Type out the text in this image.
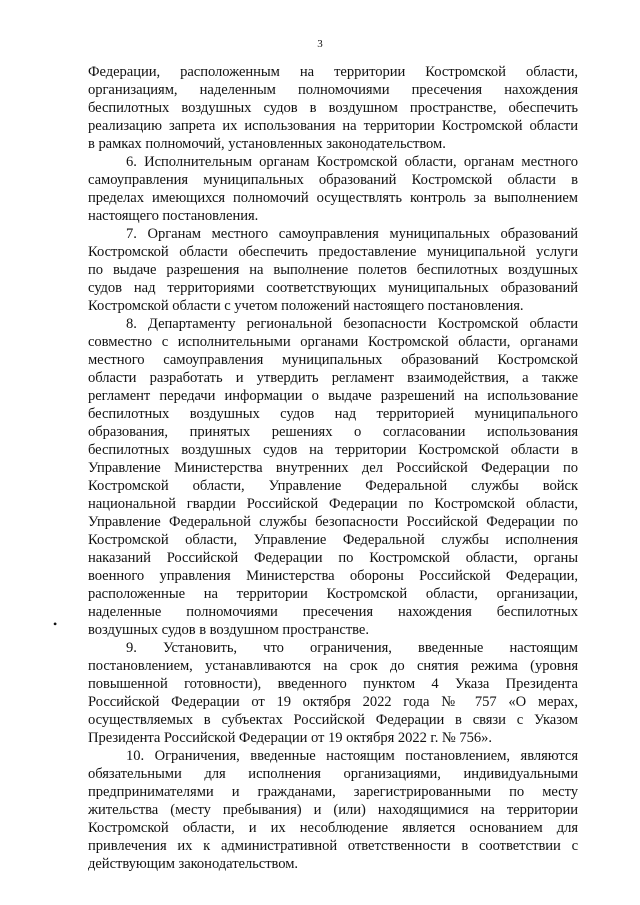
3
•
Федерации, расположенным на территории Костромской области,
организациям, наделенным полномочиями пресечения нахождения
беспилотных воздушных судов в воздушном пространстве, обеспечить
реализацию запрета их использования на территории Костромской области
в рамках полномочий, установленных законодательством.
6. Исполнительным органам Костромской области, органам местного
самоуправления муниципальных образований Костромской области в
пределах имеющихся полномочий осуществлять контроль за выполнением
настоящего постановления.
7. Органам местного самоуправления муниципальных образований
Костромской области обеспечить предоставление муниципальной услуги
по выдаче разрешения на выполнение полетов беспилотных воздушных
судов над территориями соответствующих муниципальных образований
Костромской области с учетом положений настоящего постановления.
8. Департаменту региональной безопасности Костромской области
совместно с исполнительными органами Костромской области, органами
местного самоуправления муниципальных образований Костромской
области разработать и утвердить регламент взаимодействия, а также
регламент передачи информации о выдаче разрешений на использование
беспилотных воздушных судов над территорией муниципального
образования, принятых решениях о согласовании использования
беспилотных воздушных судов на территории Костромской области в
Управление Министерства внутренних дел Российской Федерации по
Костромской области, Управление Федеральной службы войск
национальной гвардии Российской Федерации по Костромской области,
Управление Федеральной службы безопасности Российской Федерации по
Костромской области, Управление Федеральной службы исполнения
наказаний Российской Федерации по Костромской области, органы
военного управления Министерства обороны Российской Федерации,
расположенные на территории Костромской области, организации,
наделенные полномочиями пресечения нахождения беспилотных
воздушных судов в воздушном пространстве.
9. Установить, что ограничения, введенные настоящим
постановлением, устанавливаются на срок до снятия режима (уровня
повышенной готовности), введенного пунктом 4 Указа Президента
Российской Федерации от 19 октября 2022 года № 757 «О мерах,
осуществляемых в субъектах Российской Федерации в связи с Указом
Президента Российской Федерации от 19 октября 2022 г. № 756».
10. Ограничения, введенные настоящим постановлением, являются
обязательными для исполнения организациями, индивидуальными
предпринимателями и гражданами, зарегистрированными по месту
жительства (месту пребывания) и (или) находящимися на территории
Костромской области, и их несоблюдение является основанием для
привлечения их к административной ответственности в соответствии с
действующим законодательством.
